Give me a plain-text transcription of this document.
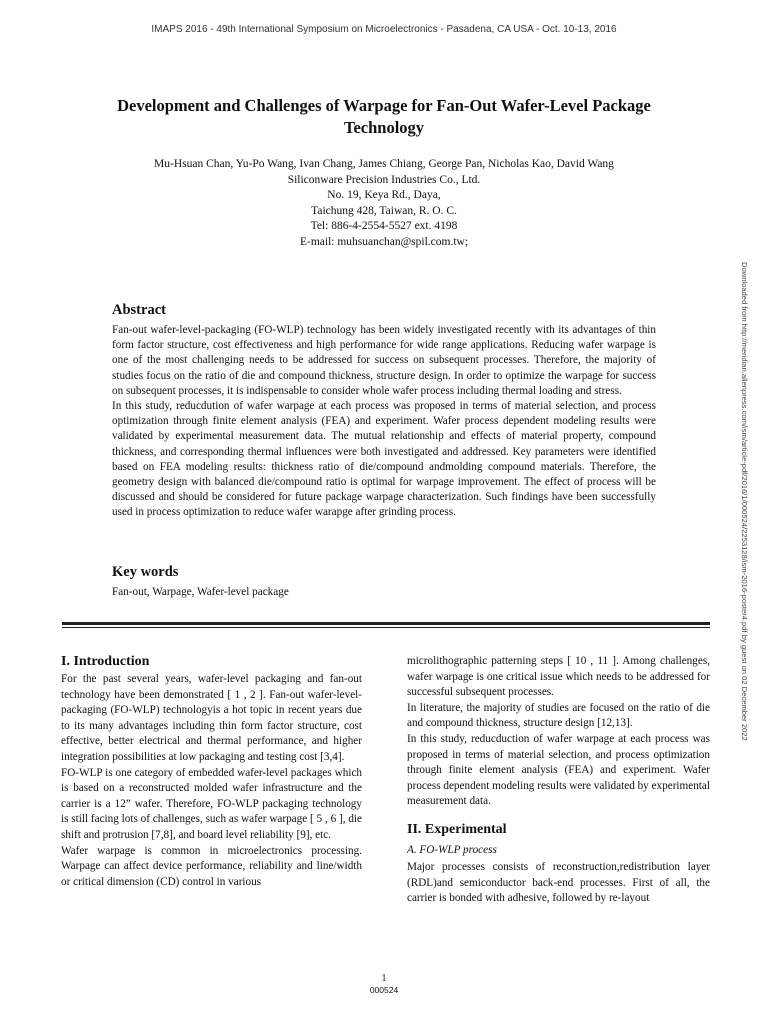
IMAPS 2016 - 49th International Symposium on Microelectronics - Pasadena, CA USA - Oct. 10-13, 2016
Development and Challenges of Warpage for Fan-Out Wafer-Level Package Technology
Mu-Hsuan Chan, Yu-Po Wang, Ivan Chang, James Chiang, George Pan, Nicholas Kao, David Wang
Siliconware Precision Industries Co., Ltd.
No. 19, Keya Rd., Daya,
Taichung 428, Taiwan, R. O. C.
Tel: 886-4-2554-5527 ext. 4198
E-mail: muhsuanchan@spil.com.tw;
Downloaded from http://meridian.allenpress.com/ism/article-pdf/2016/1/000524/2253128/ism-2016-poster4.pdf by guest on 02 December 2022
Abstract

Fan-out wafer-level-packaging (FO-WLP) technology has been widely investigated recently with its advantages of thin form factor structure, cost effectiveness and high performance for wide range applications. Reducing wafer warpage is one of the most challenging needs to be addressed for success on subsequent processes. Therefore, the majority of studies focus on the ratio of die and compound thickness, structure design. In order to optimize the warpage for success on subsequent processes, it is indispensable to consider whole wafer process including thermal loading and stress.

In this study, reducdution of wafer warpage at each process was proposed in terms of material selection, and process optimization through finite element analysis (FEA) and experiment. Wafer process dependent modeling results were validated by experimental measurement data. The mutual relationship and effects of material property, compound thickness, and corresponding thermal influences were both investigated and addressed. Key parameters were identified based on FEA modeling results: thickness ratio of die/compound andmolding compound materials. Therefore, the geometry design with balanced die/compound ratio is optimal for warpage improvement. The effect of process will be discussed and should be considered for future package warpage characterization. Such findings have been successfully used in process optimization to reduce wafer warapge after grinding process.

Key words
Fan-out, Warpage, Wafer-level package
I. Introduction

For the past several years, wafer-level packaging and fan-out technology have been demonstrated [ 1 , 2 ]. Fan-out wafer-level-packaging (FO-WLP) technologyis a hot topic in recent years due to its many advantages including thin form factor structure, cost effective, better electrical and thermal performance, and higher integration possibilities at low packaging and testing cost [3,4].

FO-WLP is one category of embedded wafer-level packages which is based on a reconstructed molded wafer infrastructure and the carrier is a 12” wafer. Therefore, FO-WLP packaging technology is still facing lots of challenges, such as wafer warpage [ 5 , 6 ], die shift and protrusion [7,8], and board level reliability [9], etc.

Wafer warpage is common in microelectronics processing. Warpage can affect device performance, reliability and line/width or critical dimension (CD) control in various

microlithographic patterning steps [ 10 , 11 ]. Among challenges, wafer warpage is one critical issue which needs to be addressed for successful subsequent processes.

In literature, the majority of studies are focused on the ratio of die and compound thickness, structure design [12,13].

In this study, reducduction of wafer warpage at each process was proposed in terms of material selection, and process optimization through finite element analysis (FEA) and experiment. Wafer process dependent modeling results were validated by experimental measurement data.

II. Experimental
A. FO-WLP process

Major processes consists of reconstruction,redistribution layer (RDL)and semiconductor back-end processes. First of all, the carrier is bonded with adhesive, followed by re-layout

1
000524
